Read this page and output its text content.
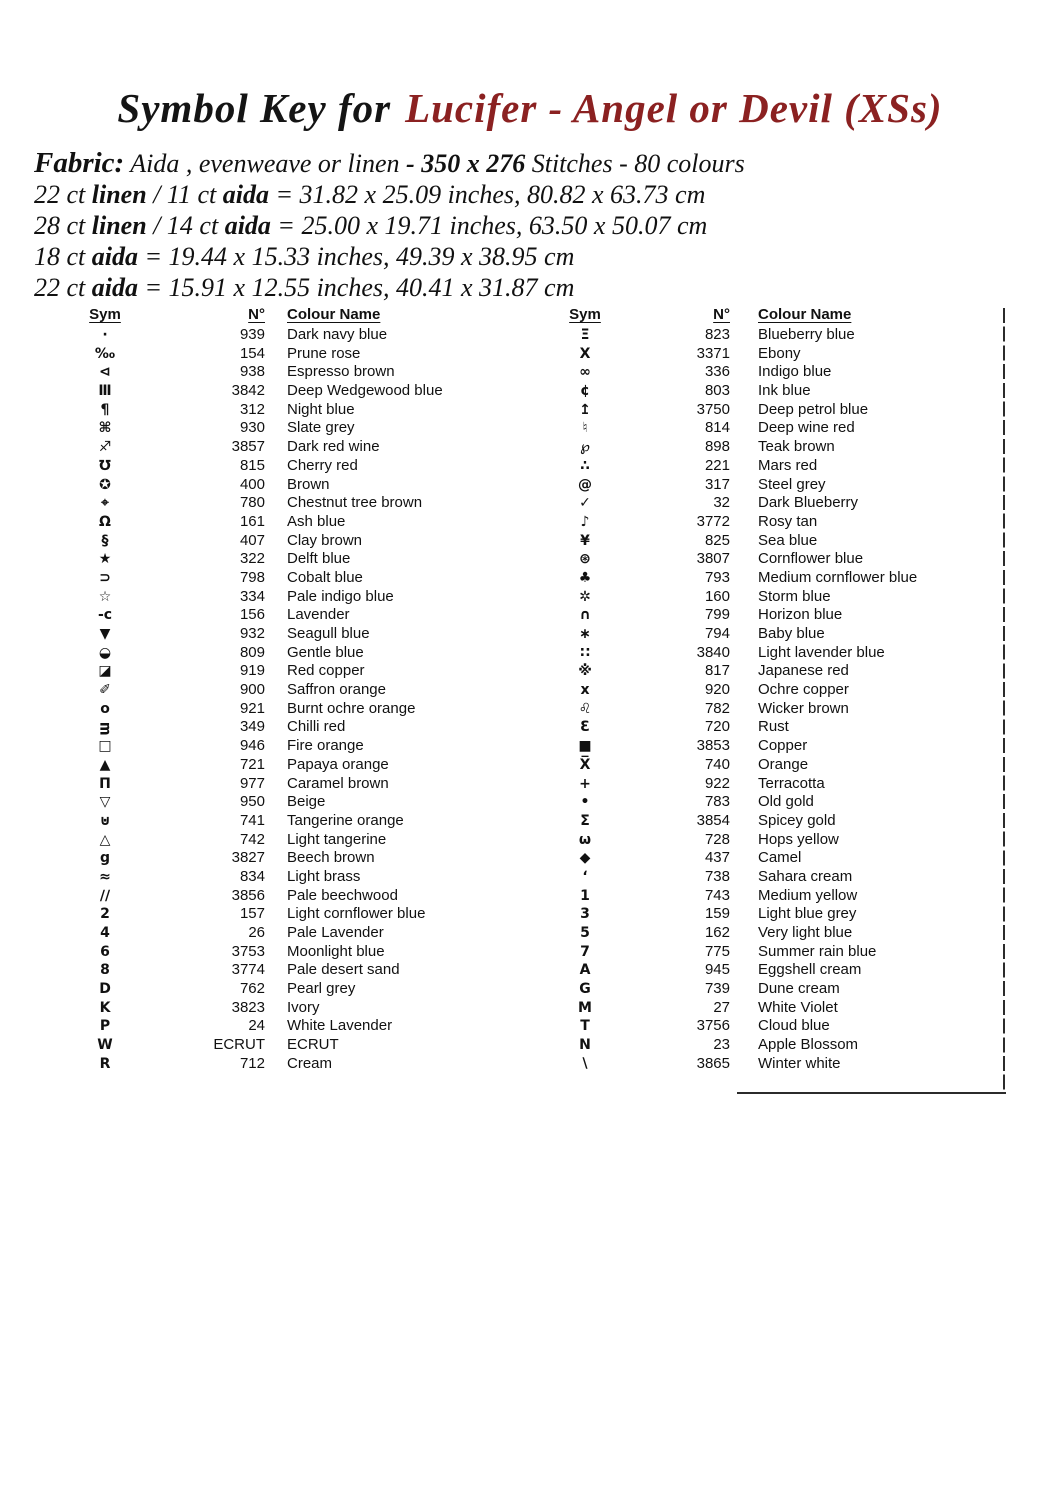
Symbol Key for Lucifer - Angel or Devil (XSs)
Fabric: Aida , evenweave or linen - 350 x 276 Stitches - 80 colours
22 ct linen / 11 ct aida = 31.82 x 25.09 inches, 80.82 x 63.73 cm
28 ct linen / 14 ct aida = 25.00 x 19.71 inches, 63.50 x 50.07 cm
18 ct aida = 19.44 x 15.33 inches, 49.39 x 38.95 cm
22 ct aida = 15.91 x 12.55 inches, 40.41 x 31.87 cm
Sym	N°	Colour Name
·	939	Dark navy blue
‰	154	Prune rose
⊲	938	Espresso brown
Ⅲ	3842	Deep Wedgewood blue
¶	312	Night blue
⌘	930	Slate grey
♐	3857	Dark red wine
℧	815	Cherry red
✪	400	Brown
⌖	780	Chestnut tree brown
Ω	161	Ash blue
§	407	Clay brown
★	322	Delft blue
⊃	798	Cobalt blue
☆	334	Pale indigo blue
-c	156	Lavender
▼	932	Seagull blue
◒	809	Gentle blue
◪	919	Red copper
✐	900	Saffron orange
o	921	Burnt ochre orange
ᴟ	349	Chilli red
□	946	Fire orange
▲	721	Papaya orange
Π	977	Caramel brown
▽	950	Beige
⊍	741	Tangerine orange
△	742	Light tangerine
g	3827	Beech brown
≈	834	Light brass
∕∕	3856	Pale beechwood
2	157	Light cornflower blue
4	26	Pale Lavender
6	3753	Moonlight blue
8	3774	Pale desert sand
D	762	Pearl grey
K	3823	Ivory
P	24	White Lavender
W	ECRUT	ECRUT
R	712	Cream
Sym	N°	Colour Name
Ξ	823	Blueberry blue
X	3371	Ebony
∞	336	Indigo blue
¢	803	Ink blue
↥	3750	Deep petrol blue
♮	814	Deep wine red
℘	898	Teak brown
∴	221	Mars red
@	317	Steel grey
✓	32	Dark Blueberry
♪	3772	Rosy tan
¥	825	Sea blue
⊛	3807	Cornflower blue
♣	793	Medium cornflower blue
✲	160	Storm blue
∩	799	Horizon blue
∗	794	Baby blue
∷	3840	Light lavender blue
※	817	Japanese red
x	920	Ochre copper
♌	782	Wicker brown
Ɛ	720	Rust
■	3853	Copper
X̅	740	Orange
+	922	Terracotta
•	783	Old gold
Σ	3854	Spicey gold
ω	728	Hops yellow
◆	437	Camel
ʻ	738	Sahara cream
1	743	Medium yellow
3	159	Light blue grey
5	162	Very light blue
7	775	Summer rain blue
A	945	Eggshell cream
G	739	Dune cream
M	27	White Violet
T	3756	Cloud blue
N	23	Apple Blossom
∖	3865	Winter white
